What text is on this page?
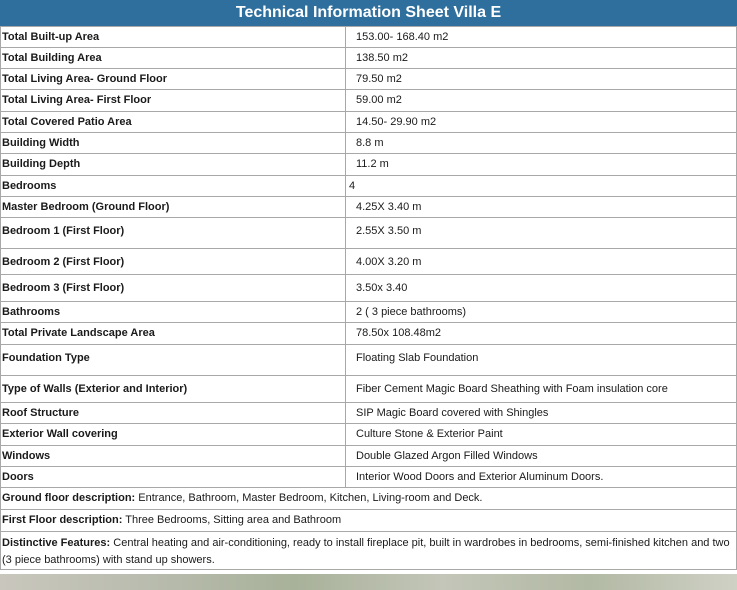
Technical Information Sheet Villa E
Total Built-up Area	153.00- 168.40 m2
Total Building Area	138.50 m2
Total Living Area- Ground Floor	79.50 m2
Total Living Area- First Floor	59.00 m2
Total Covered Patio Area	14.50- 29.90 m2
Building Width	8.8 m
Building Depth	11.2 m
Bedrooms	4
Master Bedroom (Ground Floor)	4.25X 3.40 m
Bedroom 1 (First Floor)	2.55X 3.50 m
Bedroom 2 (First Floor)	4.00X 3.20 m
Bedroom 3 (First Floor)	3.50x 3.40
Bathrooms	2 ( 3 piece bathrooms)
Total Private Landscape Area	78.50x 108.48m2
Foundation Type	Floating Slab Foundation
Type of Walls (Exterior and Interior)	Fiber Cement Magic Board Sheathing with Foam insulation core
Roof Structure	SIP Magic Board covered with Shingles
Exterior Wall covering	Culture Stone & Exterior Paint
Windows	Double Glazed Argon Filled Windows
Doors	Interior Wood Doors and Exterior Aluminum Doors.
Ground floor description: Entrance, Bathroom, Master Bedroom, Kitchen, Living-room and Deck.	
First Floor description: Three Bedrooms, Sitting area and Bathroom	
Distinctive Features: Central heating and air-conditioning, ready to install fireplace pit, built in wardrobes in bedrooms, semi-finished kitchen and two (3 piece bathrooms) with stand up showers.	
